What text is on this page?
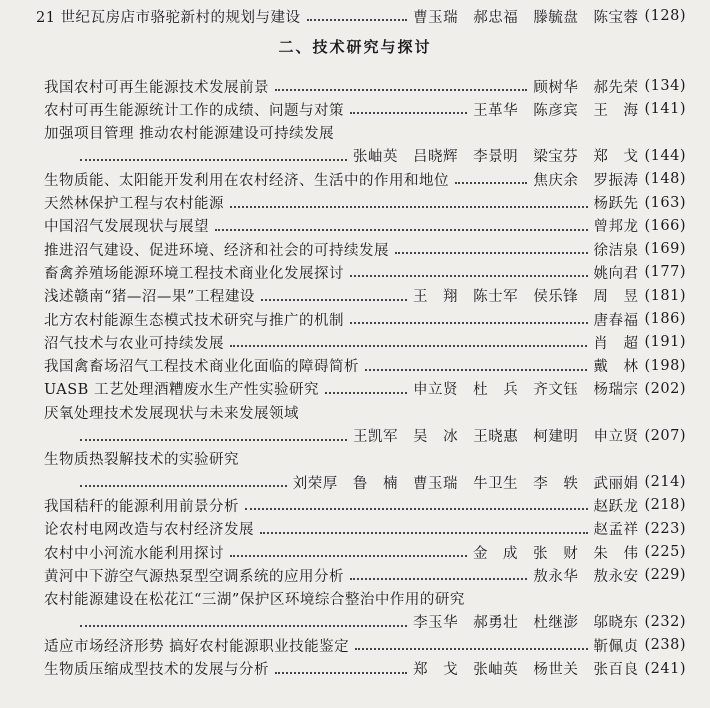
21 世纪瓦房店市骆驼新村的规划与建设	曹玉瑞 郝忠福 滕毓盘 陈宝蓉 (128)
二、技术研究与探讨
我国农村可再生能源技术发展前景	顾树华 郝先荣 (134)
农村可再生能源统计工作的成绩、问题与对策	王革华 陈彦宾 王 海 (141)
加强项目管理 推动农村能源建设可持续发展
张岫英 吕晓辉 李景明 梁宝芬 郑 戈 (144)
生物质能、太阳能开发利用在农村经济、生活中的作用和地位	焦庆余 罗振涛 (148)
天然林保护工程与农村能源	杨跃先 (163)
中国沼气发展现状与展望	曾邦龙 (166)
推进沼气建设、促进环境、经济和社会的可持续发展	徐洁泉 (169)
畜禽养殖场能源环境工程技术商业化发展探讨	姚向君 (177)
浅述赣南“猪—沼—果”工程建设	王 翔 陈士军 侯乐锋 周 昱 (181)
北方农村能源生态模式技术研究与推广的机制	唐春福 (186)
沼气技术与农业可持续发展	肖 超 (191)
我国禽畜场沼气工程技术商业化面临的障碍简析	戴 林 (198)
UASB 工艺处理酒糟废水生产性实验研究	申立贤 杜 兵 齐文钰 杨瑞宗 (202)
厌氧处理技术发展现状与未来发展领域
王凯军 吴 冰 王晓惠 柯建明 申立贤 (207)
生物质热裂解技术的实验研究
刘荣厚 鲁 楠 曹玉瑞 牛卫生 李 轶 武丽娟 (214)
我国秸秆的能源利用前景分析	赵跃龙 (218)
论农村电网改造与农村经济发展	赵孟祥 (223)
农村中小河流水能利用探讨	金 成 张 财 朱 伟 (225)
黄河中下游空气源热泵型空调系统的应用分析	敖永华 敖永安 (229)
农村能源建设在松花江“三湖”保护区环境综合整治中作用的研究
李玉华 郝勇壮 杜继澎 邬晓东 (232)
适应市场经济形势 搞好农村能源职业技能鉴定	靳佩贞 (238)
生物质压缩成型技术的发展与分析	郑 戈 张岫英 杨世关 张百良 (241)
